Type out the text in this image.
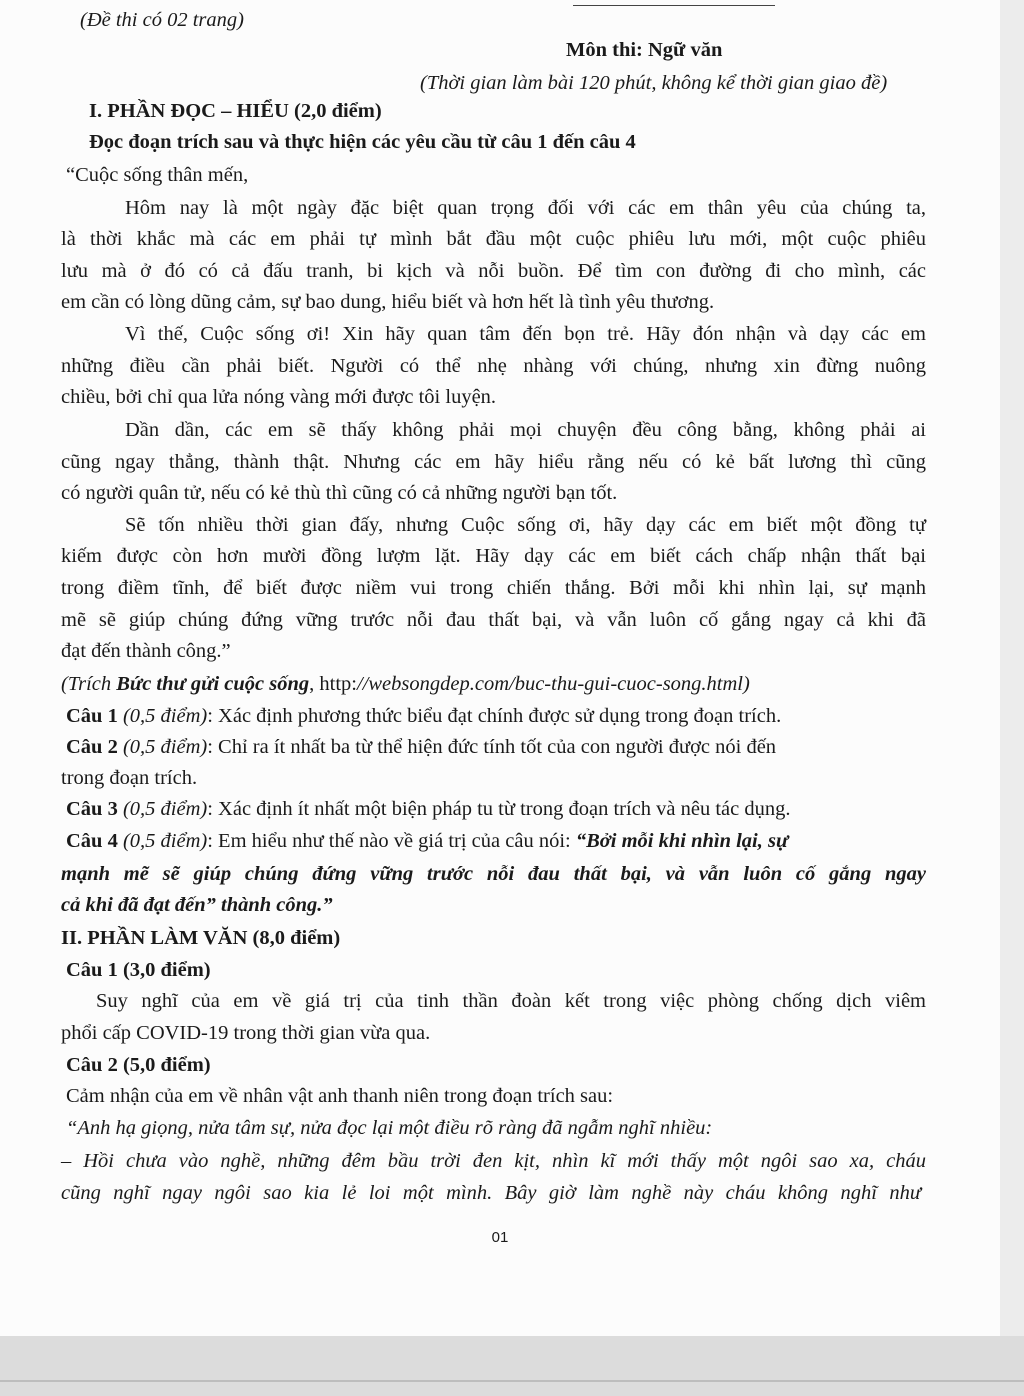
(Đề thi có 02 trang)

Môn thi: Ngữ văn

(Thời gian làm bài 120 phút, không kể thời gian giao đề)

I. PHẦN ĐỌC – HIỂU (2,0 điểm)

Đọc đoạn trích sau và thực hiện các yêu cầu từ câu 1 đến câu 4

“Cuộc sống thân mến,

Hôm nay là một ngày đặc biệt quan trọng đối với các em thân yêu của chúng ta,

là thời khắc mà các em phải tự mình bắt đầu một cuộc phiêu lưu mới, một cuộc phiêu

lưu mà ở đó có cả đấu tranh, bi kịch và nỗi buồn. Để tìm con đường đi cho mình, các

em cần có lòng dũng cảm, sự bao dung, hiểu biết và hơn hết là tình yêu thương.

Vì thế, Cuộc sống ơi! Xin hãy quan tâm đến bọn trẻ. Hãy đón nhận và dạy các em

những điều cần phải biết. Người có thể nhẹ nhàng với chúng, nhưng xin đừng nuông

chiều, bởi chỉ qua lửa nóng vàng mới được tôi luyện.

Dần dần, các em sẽ thấy không phải mọi chuyện đều công bằng, không phải ai

cũng ngay thẳng, thành thật. Nhưng các em hãy hiểu rằng nếu có kẻ bất lương thì cũng

có người quân tử, nếu có kẻ thù thì cũng có cả những người bạn tốt.

Sẽ tốn nhiều thời gian đấy, nhưng Cuộc sống ơi, hãy dạy các em biết một đồng tự

kiếm được còn hơn mười đồng lượm lặt. Hãy dạy các em biết cách chấp nhận thất bại

trong điềm tĩnh, để biết được niềm vui trong chiến thắng. Bởi mỗi khi nhìn lại, sự mạnh

mẽ sẽ giúp chúng đứng vững trước nỗi đau thất bại, và vẫn luôn cố gắng ngay cả khi đã

đạt đến thành công.”

(Trích Bức thư gửi cuộc sống, http://websongdep.com/buc-thu-gui-cuoc-song.html)

Câu 1 (0,5 điểm): Xác định phương thức biểu đạt chính được sử dụng trong đoạn trích.

Câu 2 (0,5 điểm): Chỉ ra ít nhất ba từ thể hiện đức tính tốt của con người được nói đến

trong đoạn trích.

Câu 3 (0,5 điểm): Xác định ít nhất một biện pháp tu từ trong đoạn trích và nêu tác dụng.

Câu 4 (0,5 điểm): Em hiểu như thế nào về giá trị của câu nói: “Bởi mỗi khi nhìn lại, sự

mạnh mẽ sẽ giúp chúng đứng vững trước nỗi đau thất bại, và vẫn luôn cố gắng ngay

cả khi đã đạt đến” thành công.”

II. PHẦN LÀM VĂN (8,0 điểm)

Câu 1 (3,0 điểm)

Suy nghĩ của em về giá trị của tinh thần đoàn kết trong việc phòng chống dịch viêm

phổi cấp COVID-19 trong thời gian vừa qua.

Câu 2 (5,0 điểm)

Cảm nhận của em về nhân vật anh thanh niên trong đoạn trích sau:

“Anh hạ giọng, nửa tâm sự, nửa đọc lại một điều rõ ràng đã ngẫm nghĩ nhiều:

– Hồi chưa vào nghề, những đêm bầu trời đen kịt, nhìn kĩ mới thấy một ngôi sao xa, cháu

cũng nghĩ ngay ngôi sao kia lẻ loi một mình. Bây giờ làm nghề này cháu không nghĩ như

01
